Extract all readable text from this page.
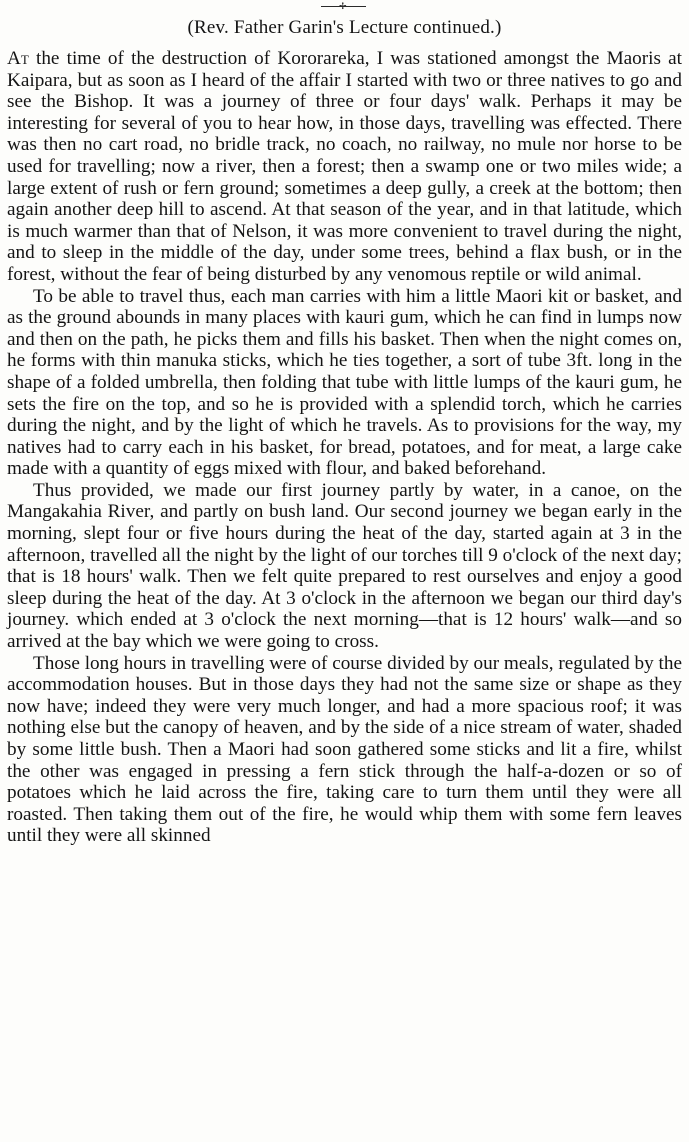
✢
(Rev. Father Garin's Lecture continued.)

At the time of the destruction of Kororareka, I was stationed amongst the Maoris at Kaipara, but as soon as I heard of the affair I started with two or three natives to go and see the Bishop. It was a journey of three or four days' walk. Perhaps it may be interesting for several of you to hear how, in those days, travelling was effected. There was then no cart road, no bridle track, no coach, no railway, no mule nor horse to be used for travelling; now a river, then a forest; then a swamp one or two miles wide; a large extent of rush or fern ground; sometimes a deep gully, a creek at the bottom; then again another deep hill to ascend. At that season of the year, and in that latitude, which is much warmer than that of Nelson, it was more convenient to travel during the night, and to sleep in the middle of the day, under some trees, behind a flax bush, or in the forest, without the fear of being disturbed by any venomous reptile or wild animal.

To be able to travel thus, each man carries with him a little Maori kit or basket, and as the ground abounds in many places with kauri gum, which he can find in lumps now and then on the path, he picks them and fills his basket. Then when the night comes on, he forms with thin manuka sticks, which he ties together, a sort of tube 3ft. long in the shape of a folded umbrella, then folding that tube with little lumps of the kauri gum, he sets the fire on the top, and so he is provided with a splendid torch, which he carries during the night, and by the light of which he travels. As to provisions for the way, my natives had to carry each in his basket, for bread, potatoes, and for meat, a large cake made with a quantity of eggs mixed with flour, and baked beforehand.

Thus provided, we made our first journey partly by water, in a canoe, on the Mangakahia River, and partly on bush land. Our second journey we began early in the morning, slept four or five hours during the heat of the day, started again at 3 in the afternoon, travelled all the night by the light of our torches till 9 o'clock of the next day; that is 18 hours' walk. Then we felt quite prepared to rest ourselves and enjoy a good sleep during the heat of the day. At 3 o'clock in the afternoon we began our third day's journey. which ended at 3 o'clock the next morning—that is 12 hours' walk—and so arrived at the bay which we were going to cross.

Those long hours in travelling were of course divided by our meals, regulated by the accommodation houses. But in those days they had not the same size or shape as they now have; indeed they were very much longer, and had a more spacious roof; it was nothing else but the canopy of heaven, and by the side of a nice stream of water, shaded by some little bush. Then a Maori had soon gathered some sticks and lit a fire, whilst the other was engaged in pressing a fern stick through the half-a-dozen or so of potatoes which he laid across the fire, taking care to turn them until they were all roasted. Then taking them out of the fire, he would whip them with some fern leaves until they were all skinned
